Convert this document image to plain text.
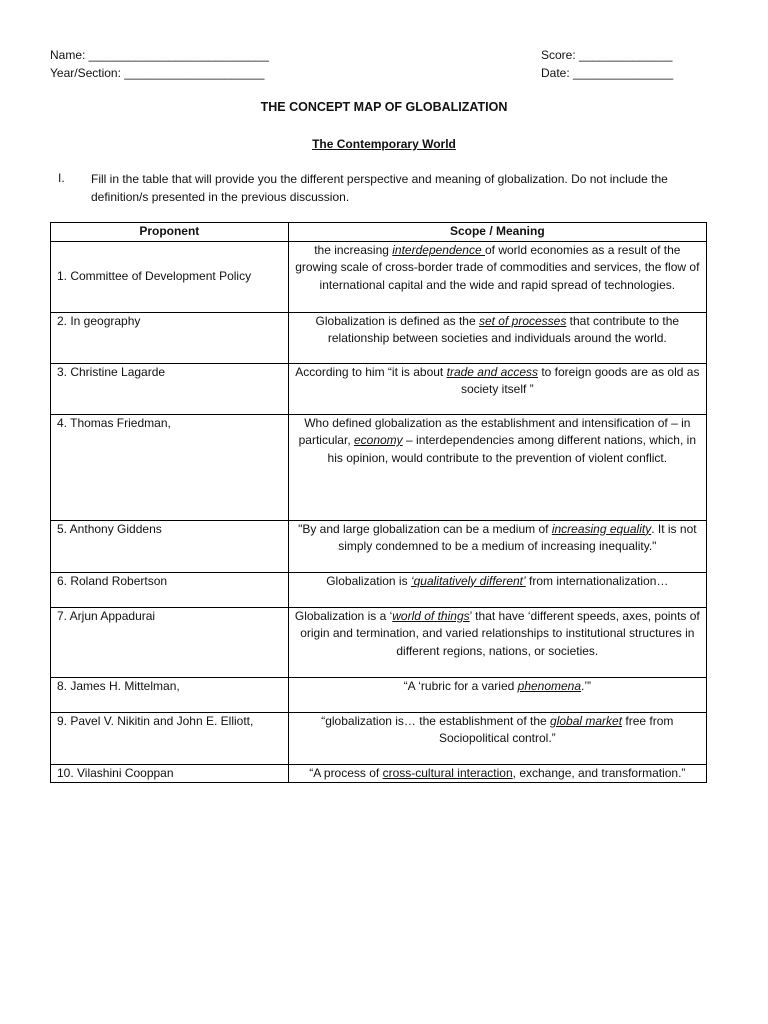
Name: ___________________________	Score: ______________
Year/Section: _____________________	Date: _______________
THE CONCEPT MAP OF GLOBALIZATION
The Contemporary World
I. Fill in the table that will provide you the different perspective and meaning of globalization. Do not include the definition/s presented in the previous discussion.
Proponent	Scope / Meaning
1. Committee of Development Policy	the increasing interdependence of world economies as a result of the growing scale of cross-border trade of commodities and services, the flow of international capital and the wide and rapid spread of technologies.
2. In geography	Globalization is defined as the set of processes that contribute to the relationship between societies and individuals around the world.
3. Christine Lagarde	According to him “it is about trade and access to foreign goods are as old as society itself ”
4. Thomas Friedman,	Who defined globalization as the establishment and intensification of – in particular, economy – interdependencies among different nations, which, in his opinion, would contribute to the prevention of violent conflict.
5. Anthony Giddens	"By and large globalization can be a medium of increasing equality. It is not simply condemned to be a medium of increasing inequality."
6. Roland Robertson	Globalization is ‘qualitatively different’ from internationalization…
7. Arjun Appadurai	Globalization is a ‘world of things’ that have ‘different speeds, axes, points of origin and termination, and varied relationships to institutional structures in different regions, nations, or societies.
8. James H. Mittelman,	“A ‘rubric for a varied phenomena.’”
9. Pavel V. Nikitin and John E. Elliott,	“globalization is… the establishment of the global market free from Sociopolitical control.”
10. Vilashini Cooppan	“A process of cross-cultural interaction, exchange, and transformation.”
